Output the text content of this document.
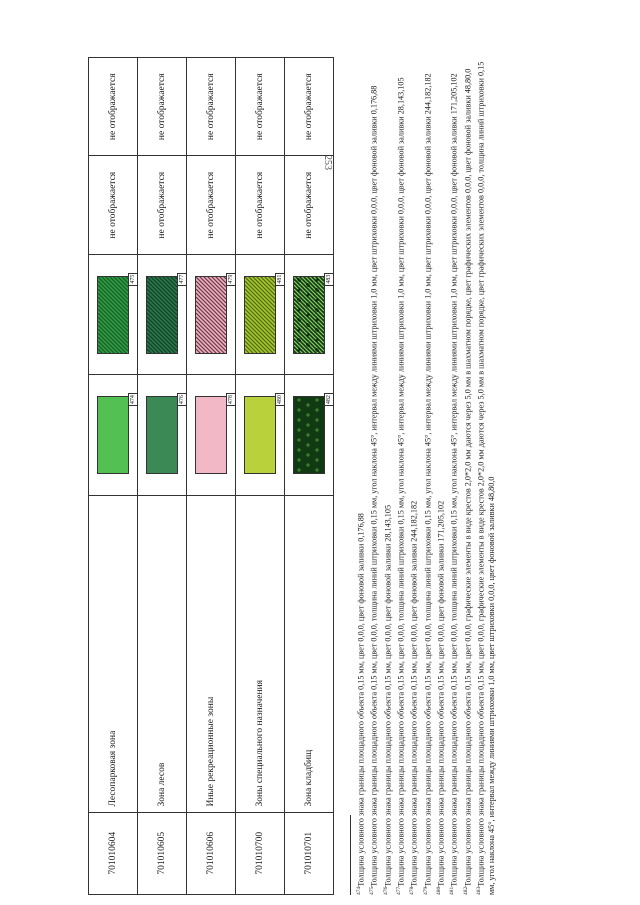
253
701010604	Лесопарковая зона	474	475	не отображается	не отображается
701010605	Зона лесов	476	477	не отображается	не отображается
701010606	Иные рекреационные зоны	478	479	не отображается	не отображается
701010700	Зоны специального назначения	480	481	не отображается	не отображается
701010701	Зона кладбищ	482	483	не отображается	не отображается
$^{474}$Толщина условного знака границы площадного объекта 0,15 мм, цвет 0,0,0, цвет фоновой заливки 0,176,88
$^{475}$Толщина условного знака границы площадного объекта 0,15 мм, цвет 0,0,0, толщина линий штриховки 0,15 мм, угол наклона 45°, интервал между линиями штриховки 1,0 мм, цвет штриховки 0,0,0, цвет фоновой заливки 0,176,88
$^{476}$Толщина условного знака границы площадного объекта 0,15 мм, цвет 0,0,0, цвет фоновой заливки 28,143,105
$^{477}$Толщина условного знака границы площадного объекта 0,15 мм, цвет 0,0,0, толщина линий штриховки 0,15 мм, угол наклона 45°, интервал между линиями штриховки 1,0 мм, цвет штриховки 0,0,0, цвет фоновой заливки 28,143,105
$^{478}$Толщина условного знака границы площадного объекта 0,15 мм, цвет 0,0,0, цвет фоновой заливки 244,182,182
$^{479}$Толщина условного знака границы площадного объекта 0,15 мм, цвет 0,0,0, толщина линий штриховки 0,15 мм, угол наклона 45°, интервал между линиями штриховки 1,0 мм, цвет штриховки 0,0,0, цвет фоновой заливки 244,182,182
$^{480}$Толщина условного знака границы площадного объекта 0,15 мм, цвет 0,0,0, цвет фоновой заливки 171,205,102
$^{481}$Толщина условного знака границы площадного объекта 0,15 мм, цвет 0,0,0, толщина линий штриховки 0,15 мм, угол наклона 45°, интервал между линиями штриховки 1,0 мм, цвет штриховки 0,0,0, цвет фоновой заливки 171,205,102
$^{482}$Толщина условного знака границы площадного объекта 0,15 мм, цвет 0,0,0, графические элементы в виде крестов 2,0*2,0 мм даются через 5,0 мм в шахматном порядке, цвет графических элементов 0,0,0, цвет фоновой заливки 48,80,0
$^{483}$Толщина условного знака границы площадного объекта 0,15 мм, цвет 0,0,0, графические элементы в виде крестов 2,0*2,0 мм даются через 5,0 мм в шахматном порядке, цвет графических элементов 0,0,0, толщина линий штриховки 0,15 мм, угол наклона 45°, интервал между линиями штриховки 1,0 мм, цвет штриховки 0,0,0, цвет фоновой заливки 48,80,0
